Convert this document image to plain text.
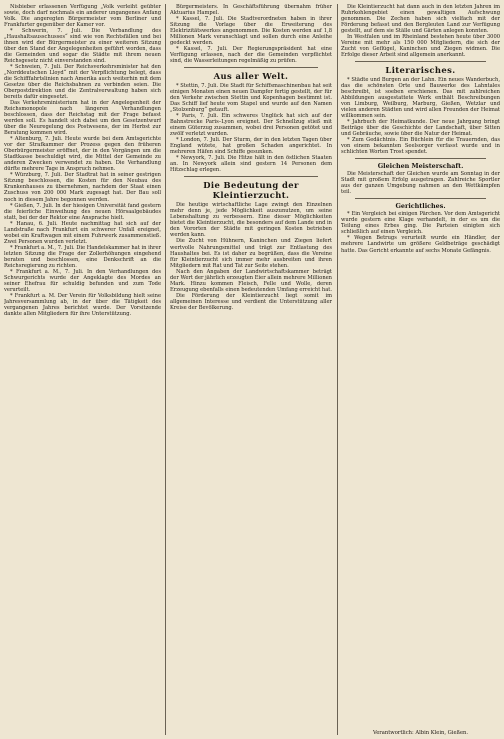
Nisbieber erlassenen Verfügung „Volk verleiht geübter sowie, doch darf nochmals ein anderer ungangenes Anfang Volk. Die angeregten Bürgermeister vom Berliner und Frankfurter gegenüber der Kamer vor.

* Schwerin, 7. Juli. Die Verbandlung des „Haushaltsausschusses“ sind wie von Rechtsfällen und bei ihnen wird der Bürgermeister zu einer weiteren Sitzung über den Stand der Angelegenheiten geführt worden, dass die Gemeinden und sogar die Städte mit ihrem neuen Reichsgesetz nicht einverstanden sind.

* Schweien, 7. Juli. Der Reichsverkehrsminister hat den „Norddeutschen Lloyd“ mit der Verpflichtung belegt, dass die Schifffahrtslinien nach Amerika auch weiterhin mit dem Gesetze über die Reichsbahnen zu verbinden seien. Die Oberpostdirektion und die Zentralverwaltung haben sich bereits dafür eingesetzt.

Das Verkehrsministerium hat in der Angelegenheit der Reichsmonopole nach längeren Verhandlungen beschlossen, dass der Reichstag mit der Frage befasst werden soll. Es handelt sich dabei um den Gesetzentwurf über die Neuregelung des Postwesens, der im Herbst zur Beratung kommen wird.

* Altenburg, 7. Juli. Heute wurde bei dem Amtsgerichte vor der Strafkammer der Prozess gegen den früheren Oberbürgermeister eröffnet, der in den Vorgängen um die Stadtkasse beschuldigt wird, die Mittel der Gemeinde zu anderen Zwecken verwendet zu haben. Die Verhandlung dürfte mehrere Tage in Anspruch nehmen.

* Würzburg, 7. Juli. Der Stadtrat hat in seiner gestrigen Sitzung beschlossen, die Kosten für den Neubau des Krankenhauses zu übernehmen, nachdem der Staat einen Zuschuss von 200 000 Mark zugesagt hat. Der Bau soll noch in diesem Jahre begonnen werden.

* Gießen, 7. Juli. In der hiesigen Universität fand gestern die feierliche Einweihung des neuen Hörsaalgebäudes statt, bei der der Rektor eine Ansprache hielt.

* Hanau, 6. Juli. Heute nachmittag hat sich auf der Landstraße nach Frankfurt ein schwerer Unfall ereignet, wobei ein Kraftwagen mit einem Fuhrwerk zusammenstieß. Zwei Personen wurden verletzt.

* Frankfurt a. M., 7. Juli. Die Handelskammer hat in ihrer letzten Sitzung die Frage der Zollerhöhungen eingehend beraten und beschlossen, eine Denkschrift an die Reichsregierung zu richten.

* Frankfurt a. M., 7. Juli. In den Verhandlungen des Schwurgerichts wurde der Angeklagte des Mordes an seiner Ehefrau für schuldig befunden und zum Tode verurteilt.

* Frankfurt a. M. Der Verein für Volksbildung hielt seine Jahresversammlung ab, in der über die Tätigkeit des vergangenen Jahres berichtet wurde. Der Vorsitzende dankte allen Mitgliedern für ihre Unterstützung.

Bürgermeisters. In Geschäftsführung übernahm früher Aktuarius Hampel.

* Kassel, 7. Juli. Die Stadtverordneten haben in ihrer Sitzung die Vorlage über die Erweiterung des Elektrizitätswerkes angenommen. Die Kosten werden auf 1,8 Millionen Mark veranschlagt und sollen durch eine Anleihe gedeckt werden.

* Kassel, 7. Juli. Der Regierungspräsident hat eine Verfügung erlassen, nach der die Gemeinden verpflichtet sind, die Wasserleitungen regelmäßig zu prüfen.

Aus aller Welt.

* Stettin, 7. Juli. Die Stadt für Schiffsmaschinenbau hat seit einigen Monaten einen neuen Dampfer fertig gestellt, der für den Verkehr zwischen Stettin und Kopenhagen bestimmt ist. Das Schiff lief heute vom Stapel und wurde auf den Namen „Stolzenburg“ getauft.

* Paris, 7. Juli. Ein schweres Unglück hat sich auf der Bahnstrecke Paris–Lyon ereignet. Der Schnellzug stieß mit einem Güterzug zusammen, wobei drei Personen getötet und zwölf verletzt wurden.

* London, 7. Juli. Der Sturm, der in den letzten Tagen über England wütete, hat großen Schaden angerichtet. In mehreren Häfen sind Schiffe gesunken.

* Newyork, 7. Juli. Die Hitze hält in den östlichen Staaten an. In Newyork allein sind gestern 14 Personen dem Hitzschlag erlegen.

Die Bedeutung der Kleintierzucht.

Die heutige wirtschaftliche Lage zwingt den Einzelnen mehr denn je, jede Möglichkeit auszunutzen, um seine Lebenshaltung zu verbessern. Eine dieser Möglichkeiten bietet die Kleintierzucht, die besonders auf dem Lande und in den Vororten der Städte mit geringen Kosten betrieben werden kann.

Die Zucht von Hühnern, Kaninchen und Ziegen liefert wertvolle Nahrungsmittel und trägt zur Entlastung des Haushaltes bei. Es ist daher zu begrüßen, dass die Vereine für Kleintierzucht sich immer mehr ausbreiten und ihren Mitgliedern mit Rat und Tat zur Seite stehen.

Nach den Angaben der Landwirtschaftskammer beträgt der Wert der jährlich erzeugten Eier allein mehrere Millionen Mark. Hinzu kommen Fleisch, Felle und Wolle, deren Erzeugung ebenfalls einen bedeutenden Umfang erreicht hat.

Die Förderung der Kleintierzucht liegt somit im allgemeinen Interesse und verdient die Unterstützung aller Kreise der Bevölkerung.

Die Kleintierzucht hat dann auch in den letzten Jahren im Ruhrkohlengebiet einen gewaltigen Aufschwung genommen. Die Zechen haben sich vielfach mit der Förderung befasst und den Bergleuten Land zur Verfügung gestellt, auf dem sie Ställe und Gärten anlegen konnten.

In Westfalen und im Rheinland bestehen heute über 3000 Vereine mit mehr als 150 000 Mitgliedern, die sich der Zucht von Geflügel, Kaninchen und Ziegen widmen. Die Erfolge dieser Arbeit sind allgemein anerkannt.

Literarisches.

* Städte und Burgen an der Lahn. Ein neues Wanderbuch, das die schönsten Orte und Bauwerke des Lahntales beschreibt, ist soeben erschienen. Das mit zahlreichen Abbildungen ausgestattete Werk enthält Beschreibungen von Limburg, Weilburg, Marburg, Gießen, Wetzlar und vielen anderen Städten und wird allen Freunden der Heimat willkommen sein.

* Jahrbuch der Heimatkunde. Der neue Jahrgang bringt Beiträge über die Geschichte der Landschaft, über Sitten und Gebräuche, sowie über die Natur der Heimat.

* Zum Gedächtnis. Ein Büchlein für die Trauernden, das von einem bekannten Seelsorger verfasst wurde und in schlichten Worten Trost spendet.

Gleichen Meisterschaft.

Die Meisterschaft der Gleichen wurde am Sonntag in der Stadt mit großem Erfolg ausgetragen. Zahlreiche Sportler aus der ganzen Umgebung nahmen an den Wettkämpfen teil.

Gerichtliches.

* Ein Vergleich bei einigen Pärchen. Vor dem Amtsgericht wurde gestern eine Klage verhandelt, in der es um die Teilung eines Erbes ging. Die Parteien einigten sich schließlich auf einen Vergleich.

* Wegen Betrugs verurteilt wurde ein Händler, der mehrere Landwirte um größere Geldbeträge geschädigt hatte. Das Gericht erkannte auf sechs Monate Gefängnis.

Verantwortlich: Albin Klein, Gießen.
